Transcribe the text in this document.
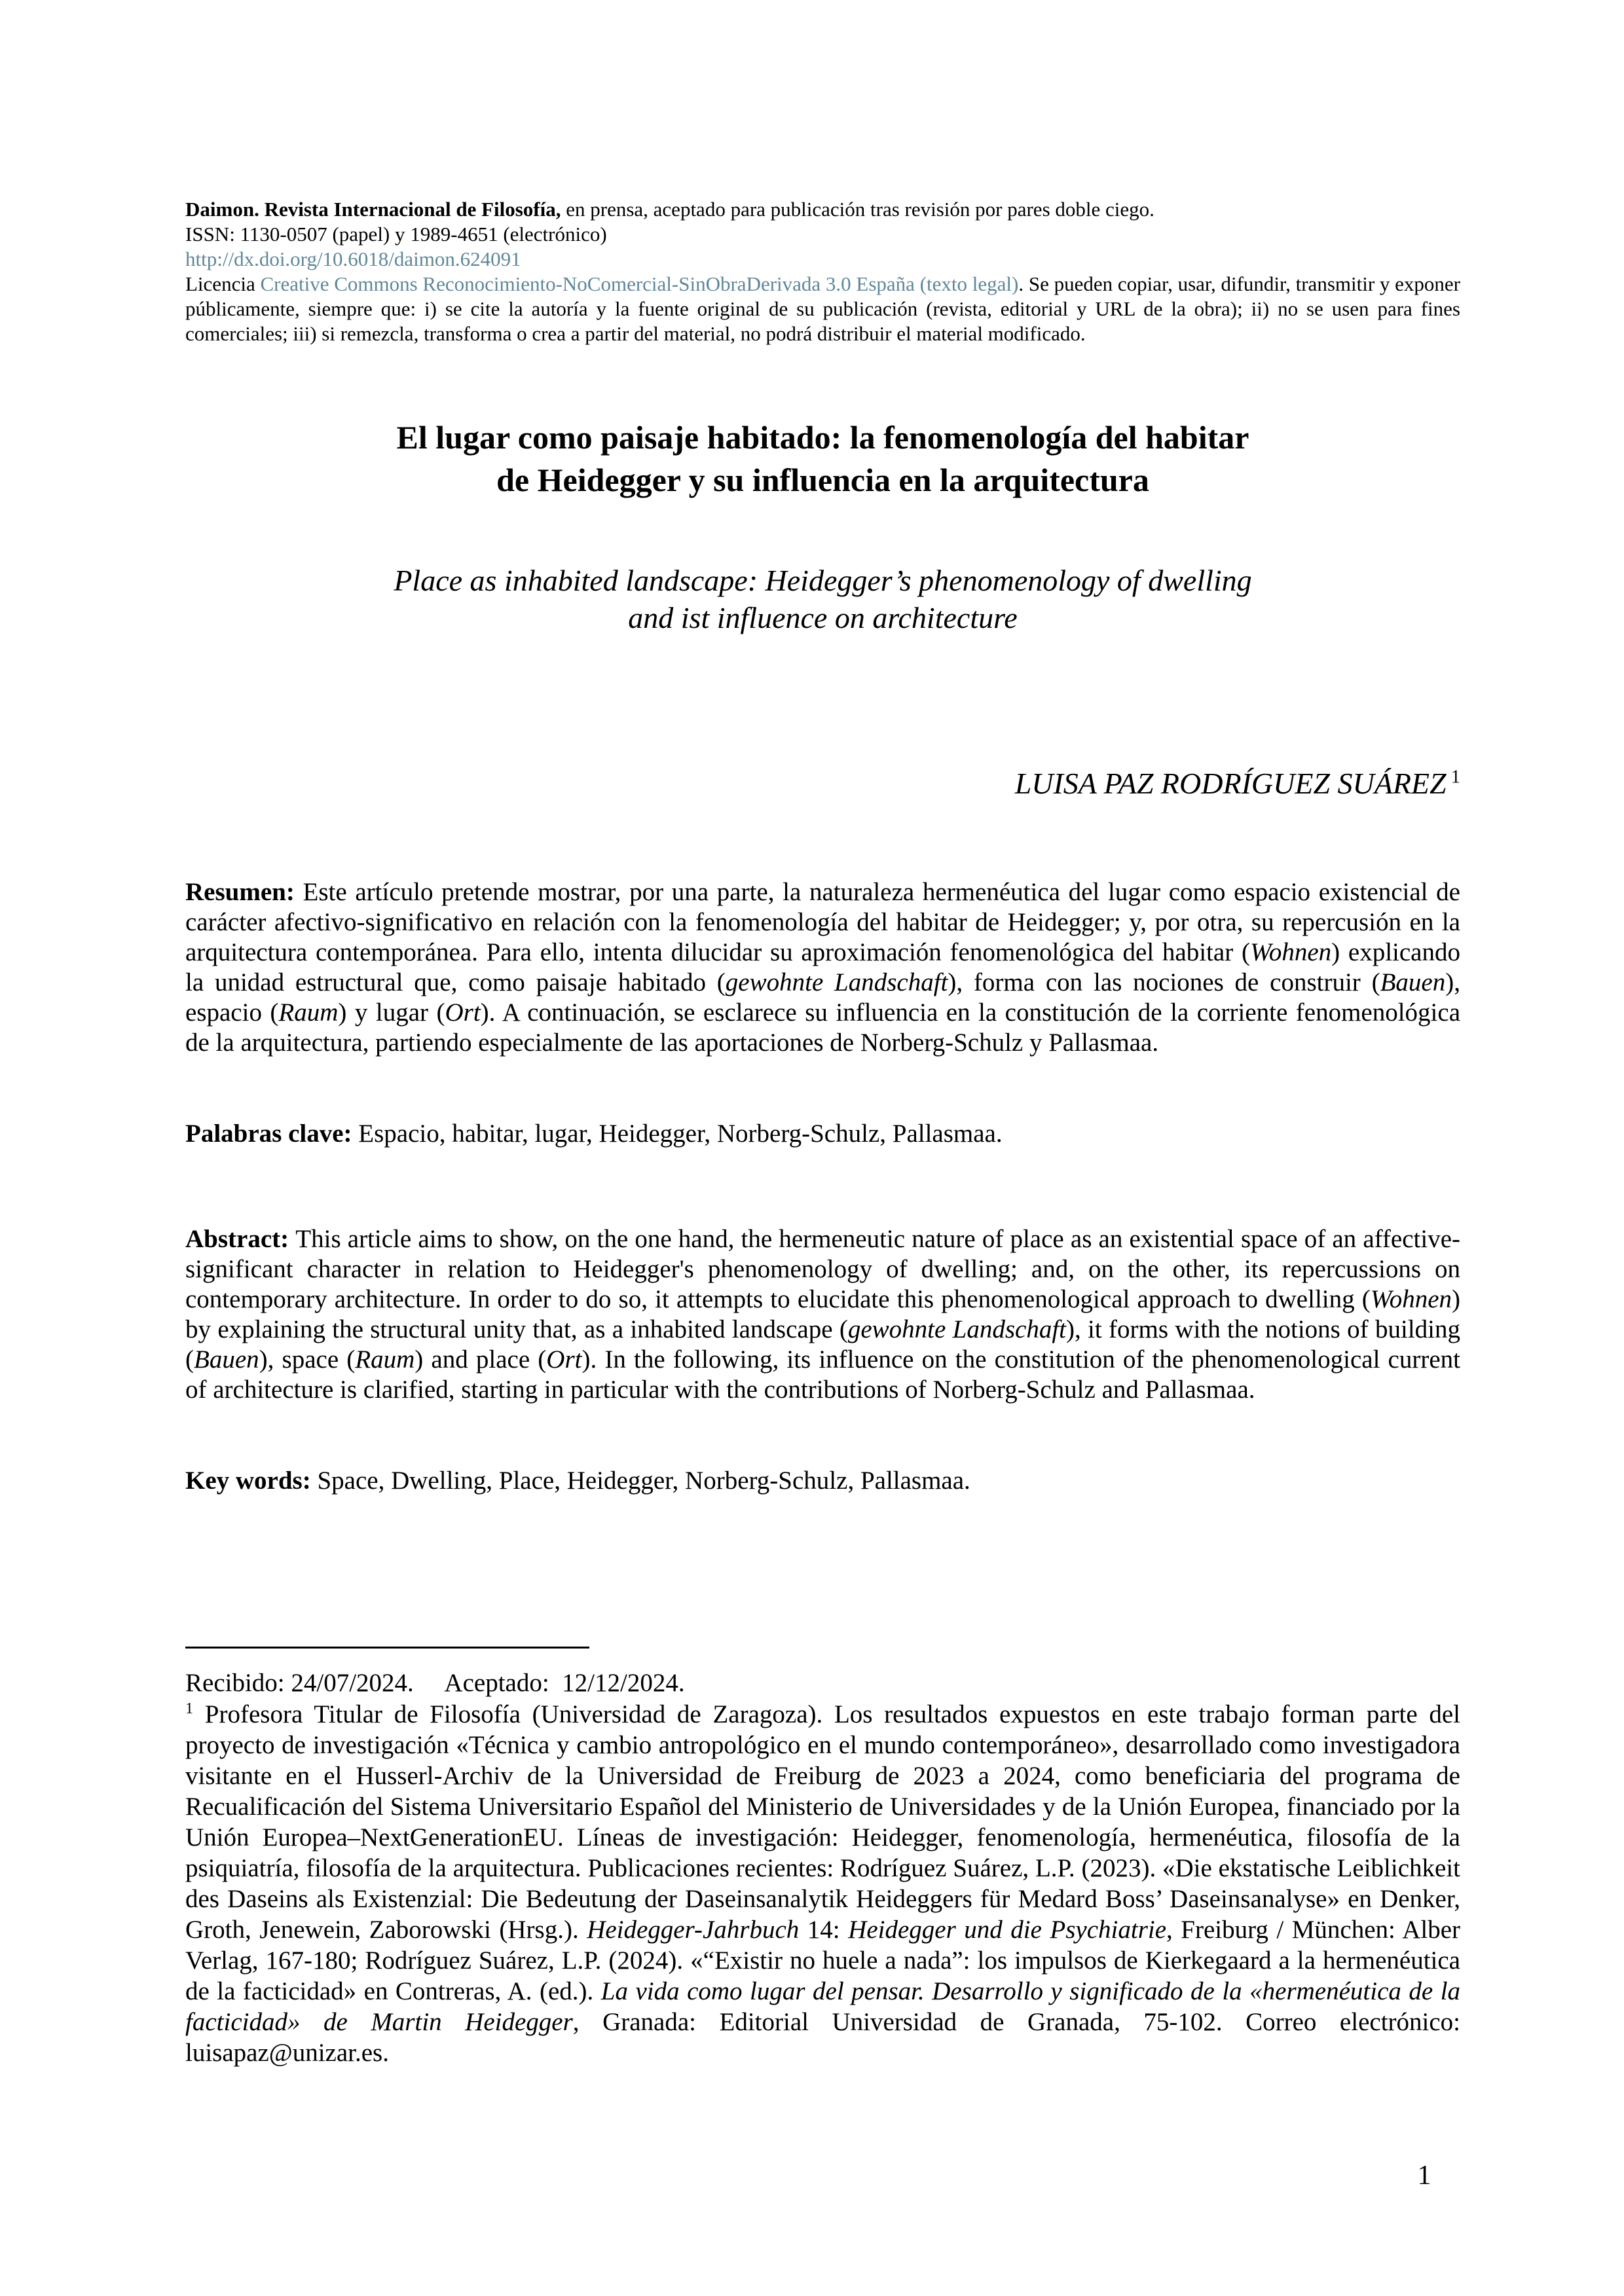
Daimon. Revista Internacional de Filosofía, en prensa, aceptado para publicación tras revisión por pares doble ciego.
ISSN: 1130-0507 (papel) y 1989-4651 (electrónico)
http://dx.doi.org/10.6018/daimon.624091
Licencia Creative Commons Reconocimiento-NoComercial-SinObraDerivada 3.0 España (texto legal). Se pueden copiar, usar, difundir, transmitir y exponer públicamente, siempre que: i) se cite la autoría y la fuente original de su publicación (revista, editorial y URL de la obra); ii) no se usen para fines comerciales; iii) si remezcla, transforma o crea a partir del material, no podrá distribuir el material modificado.
El lugar como paisaje habitado: la fenomenología del habitar
de Heidegger y su influencia en la arquitectura
Place as inhabited landscape: Heidegger’s phenomenology of dwelling
and ist influence on architecture
LUISA PAZ RODRÍGUEZ SUÁREZ $^1$
Resumen: Este artículo pretende mostrar, por una parte, la naturaleza hermenéutica del lugar como espacio existencial de carácter afectivo-significativo en relación con la fenomenología del habitar de Heidegger; y, por otra, su repercusión en la arquitectura contemporánea. Para ello, intenta dilucidar su aproximación fenomenológica del habitar (Wohnen) explicando la unidad estructural que, como paisaje habitado (gewohnte Landschaft), forma con las nociones de construir (Bauen), espacio (Raum) y lugar (Ort). A continuación, se esclarece su influencia en la constitución de la corriente fenomenológica de la arquitectura, partiendo especialmente de las aportaciones de Norberg-Schulz y Pallasmaa.
Palabras clave: Espacio, habitar, lugar, Heidegger, Norberg-Schulz, Pallasmaa.
Abstract: This article aims to show, on the one hand, the hermeneutic nature of place as an existential space of an affective-significant character in relation to Heidegger's phenomenology of dwelling; and, on the other, its repercussions on contemporary architecture. In order to do so, it attempts to elucidate this phenomenological approach to dwelling (Wohnen) by explaining the structural unity that, as a inhabited landscape (gewohnte Landschaft), it forms with the notions of building (Bauen), space (Raum) and place (Ort). In the following, its influence on the constitution of the phenomenological current of architecture is clarified, starting in particular with the contributions of Norberg-Schulz and Pallasmaa.
Key words: Space, Dwelling, Place, Heidegger, Norberg-Schulz, Pallasmaa.
Recibido: 24/07/2024.     Aceptado:  12/12/2024.
$^1$ Profesora Titular de Filosofía (Universidad de Zaragoza). Los resultados expuestos en este trabajo forman parte del proyecto de investigación «Técnica y cambio antropológico en el mundo contemporáneo», desarrollado como investigadora visitante en el Husserl-Archiv de la Universidad de Freiburg de 2023 a 2024, como beneficiaria del programa de Recualificación del Sistema Universitario Español del Ministerio de Universidades y de la Unión Europea, financiado por la Unión Europea–NextGenerationEU. Líneas de investigación: Heidegger, fenomenología, hermenéutica, filosofía de la psiquiatría, filosofía de la arquitectura. Publicaciones recientes: Rodríguez Suárez, L.P. (2023). «Die ekstatische Leiblichkeit des Daseins als Existenzial: Die Bedeutung der Daseinsanalytik Heideggers für Medard Boss’ Daseinsanalyse» en Denker, Groth, Jenewein, Zaborowski (Hrsg.). Heidegger-Jahrbuch 14: Heidegger und die Psychiatrie, Freiburg / München: Alber Verlag, 167-180; Rodríguez Suárez, L.P. (2024). «“Existir no huele a nada”: los impulsos de Kierkegaard a la hermenéutica de la facticidad» en Contreras, A. (ed.). La vida como lugar del pensar. Desarrollo y significado de la «hermenéutica de la facticidad» de Martin Heidegger, Granada: Editorial Universidad de Granada, 75-102. Correo electrónico: luisapaz@unizar.es.
1
